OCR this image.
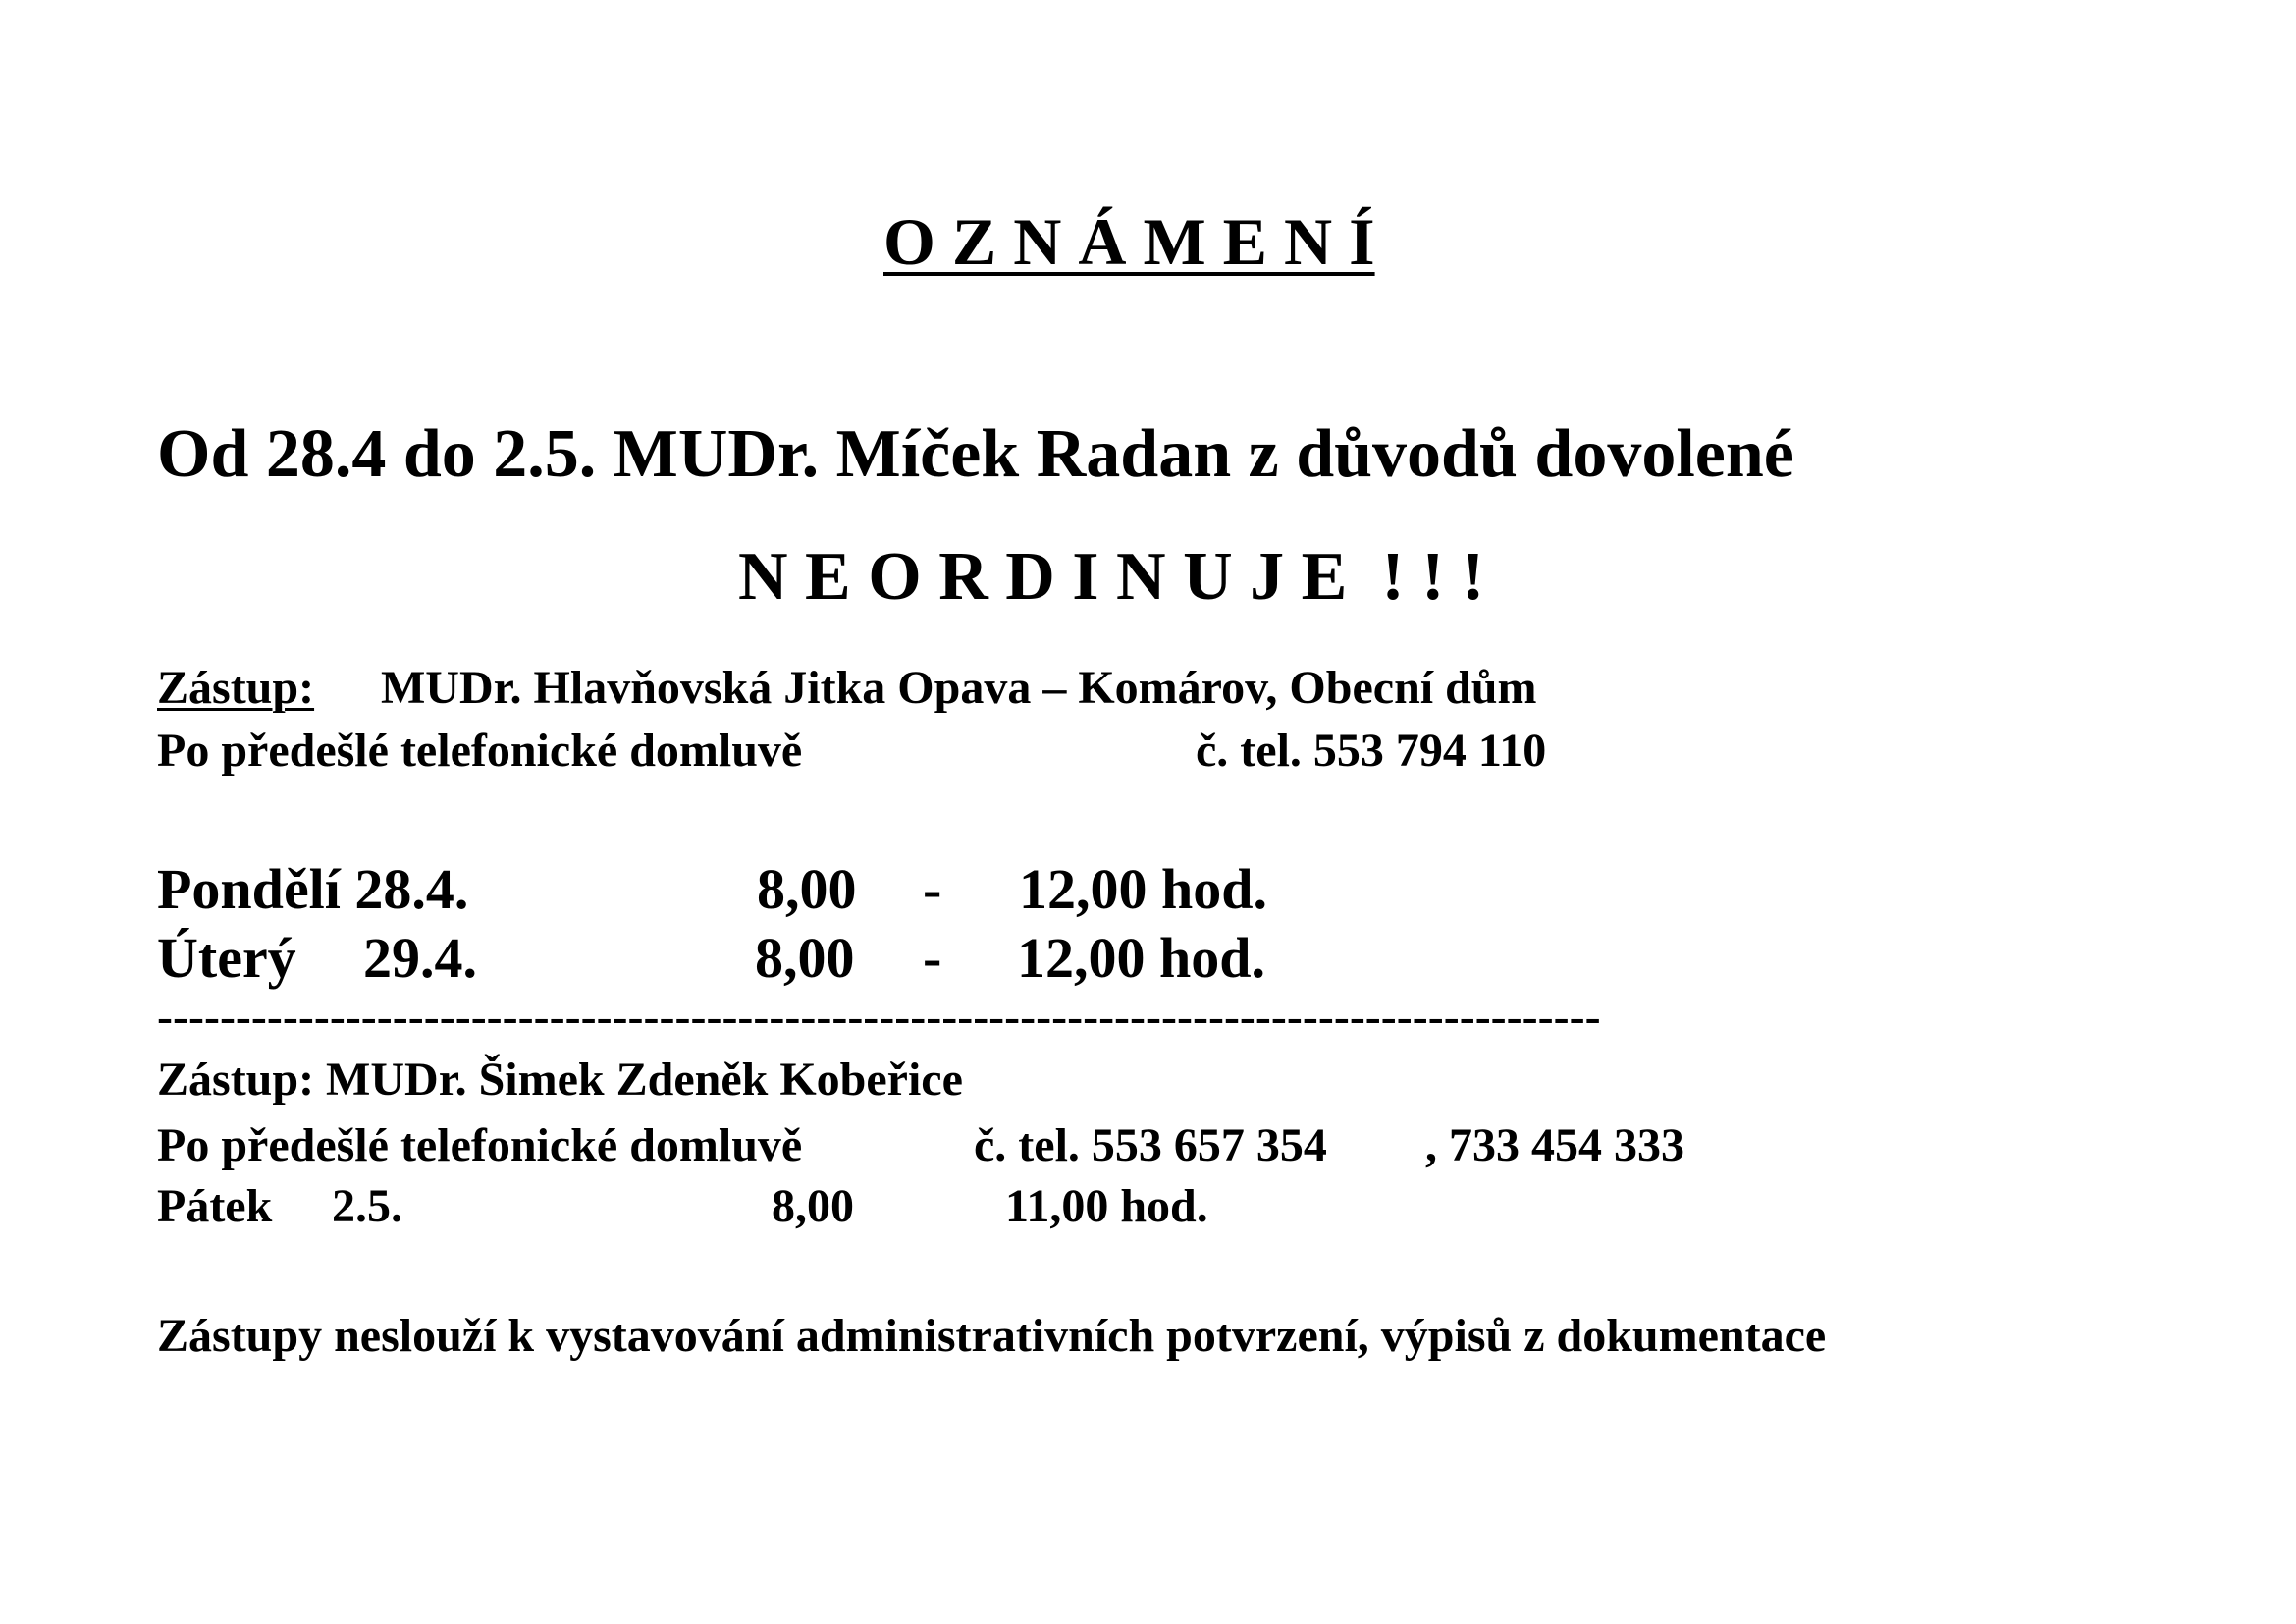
O Z N Á M E N Í
Od 28.4 do 2.5. MUDr. Míček Radan z důvodů dovolené
N E O R D I N U J E  ! ! !
Zástup: MUDr. Hlavňovská Jitka Opava – Komárov, Obecní dům
Po předešlé telefonické domluvě	č. tel. 553 794 110
Pondělí 28.4.	8,00 - 12,00 hod.
Úterý 29.4.	8,00 - 12,00 hod.
--------------------------------------------------------------------------------------------
Zástup: MUDr. Šimek Zdeněk Kobeřice
Po předešlé telefonické domluvě	č. tel. 553 657 354 , 733 454 333
Pátek 2.5.	8,00	11,00 hod.
Zástupy neslouží k vystavování administrativních potvrzení, výpisů z dokumentace
